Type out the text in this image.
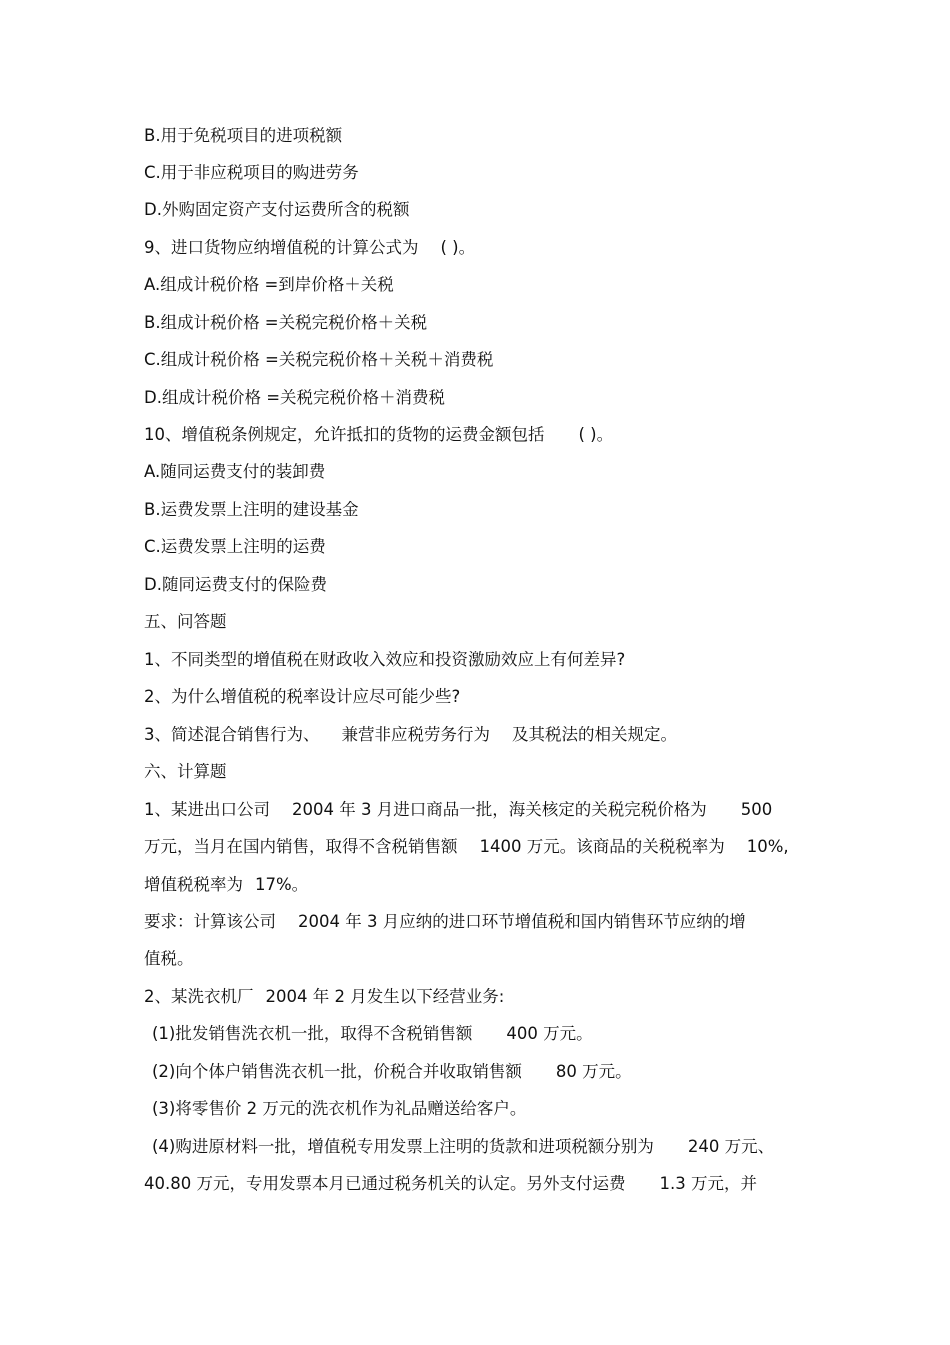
B.用于免税项目的进项税额
C.用于非应税项目的购进劳务
D.外购固定资产支付运费所含的税额
9、进口货物应纳增值税的计算公式为 ( )。
A.组成计税价格 =到岸价格＋关税
B.组成计税价格 =关税完税价格＋关税
C.组成计税价格 =关税完税价格＋关税＋消费税
D.组成计税价格 =关税完税价格＋消费税
10、增值税条例规定，允许抵扣的货物的运费金额包括 ( )。
A.随同运费支付的装卸费
B.运费发票上注明的建设基金
C.运费发票上注明的运费
D.随同运费支付的保险费
五、问答题
1、不同类型的增值税在财政收入效应和投资激励效应上有何差异?
2、为什么增值税的税率设计应尽可能少些?
3、简述混合销售行为、 兼营非应税劳务行为 及其税法的相关规定。
六、计算题
1、某进出口公司 2004 年 3 月进口商品一批，海关核定的关税完税价格为 500
万元，当月在国内销售，取得不含税销售额 1400 万元。该商品的关税税率为 10%,
增值税税率为 17%。
要求：计算该公司 2004 年 3 月应纳的进口环节增值税和国内销售环节应纳的增
值税。
2、某洗衣机厂 2004 年 2 月发生以下经营业务:
(1)批发销售洗衣机一批，取得不含税销售额 400 万元。
(2)向个体户销售洗衣机一批，价税合并收取销售额 80 万元。
(3)将零售价 2 万元的洗衣机作为礼品赠送给客户。
(4)购进原材料一批，增值税专用发票上注明的货款和进项税额分别为 240 万元、
40.80 万元，专用发票本月已通过税务机关的认定。另外支付运费 1.3 万元，并
